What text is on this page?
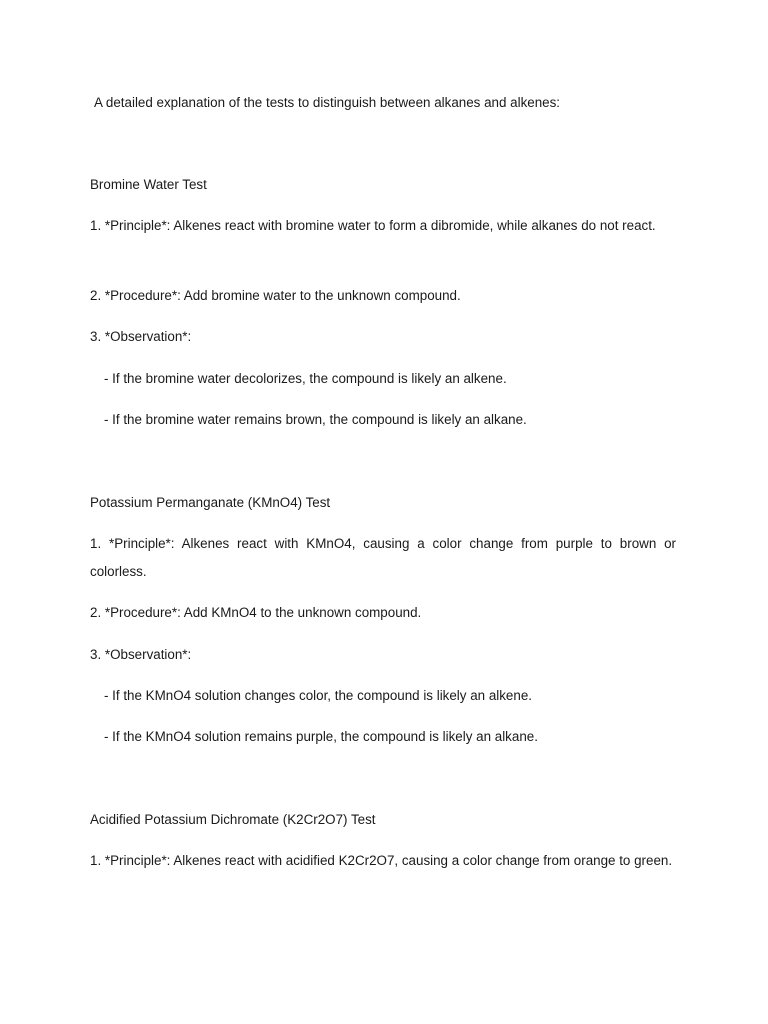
A detailed explanation of the tests to distinguish between alkanes and alkenes:
Bromine Water Test
1. *Principle*: Alkenes react with bromine water to form a dibromide, while alkanes do not react.
2. *Procedure*: Add bromine water to the unknown compound.
3. *Observation*:
- If the bromine water decolorizes, the compound is likely an alkene.
- If the bromine water remains brown, the compound is likely an alkane.
Potassium Permanganate (KMnO4) Test
1. *Principle*: Alkenes react with KMnO4, causing a color change from purple to brown or colorless.
2. *Procedure*: Add KMnO4 to the unknown compound.
3. *Observation*:
- If the KMnO4 solution changes color, the compound is likely an alkene.
- If the KMnO4 solution remains purple, the compound is likely an alkane.
Acidified Potassium Dichromate (K2Cr2O7) Test
1. *Principle*: Alkenes react with acidified K2Cr2O7, causing a color change from orange to green.
